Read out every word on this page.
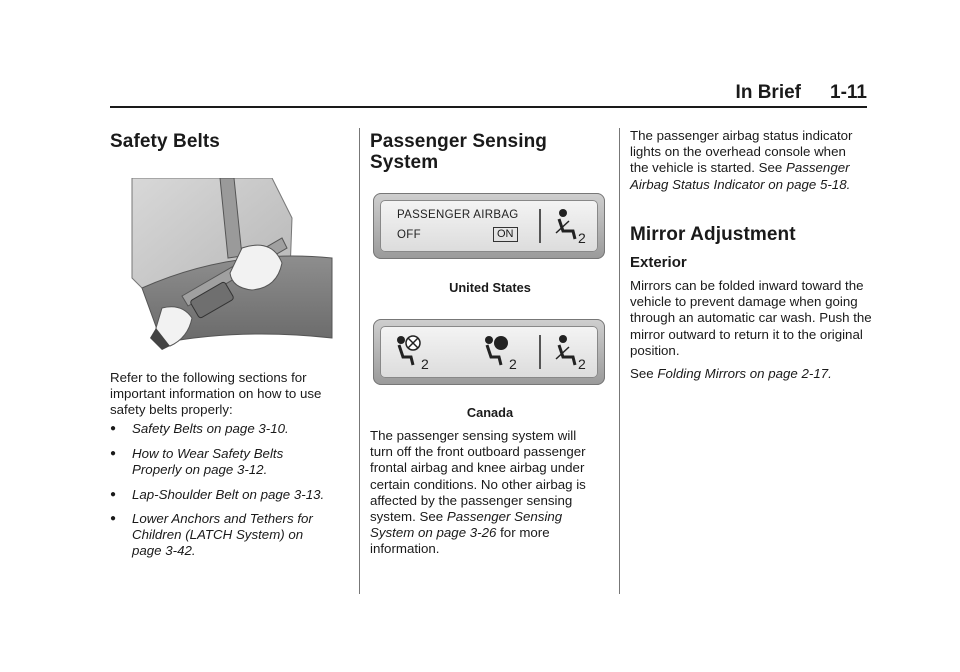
In Brief 1-11
Safety Belts

Refer to the following sections for important information on how to use safety belts properly:

● Safety Belts on page 3-10.
● How to Wear Safety Belts Properly on page 3-12.
● Lap-Shoulder Belt on page 3-13.
● Lower Anchors and Tethers for Children (LATCH System) on page 3-42.
Passenger Sensing
System
PASSENGER AIRBAG
OFF	ON	2
United States
2	2	2
Canada

The passenger sensing system will turn off the front outboard passenger frontal airbag and knee airbag under certain conditions. No other airbag is affected by the passenger sensing system. See Passenger Sensing System on page 3-26 for more information.

The passenger airbag status indicator lights on the overhead console when the vehicle is started. See Passenger Airbag Status Indicator on page 5-18.

Mirror Adjustment
Exterior

Mirrors can be folded inward toward the vehicle to prevent damage when going through an automatic car wash. Push the mirror outward to return it to the original position.

See Folding Mirrors on page 2-17.
